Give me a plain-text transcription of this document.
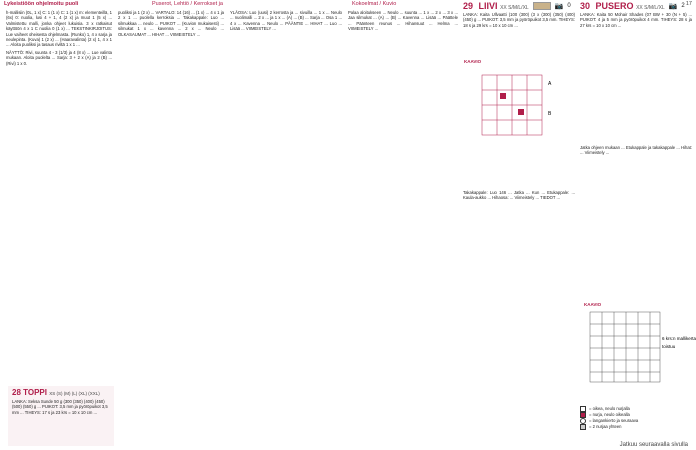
Lykeistiöön ohjelmoitu puoli	Puserot, Lehtiö / Kerrokset ja	Kokoelmat / Kuvio	17

h-mallisiin (0L, 1 x) C: 1 (1 x) C: 1 (1 x) m: elementeillä, 1 (6x) 0: nuolia, lusi 4 + 1, 4 (2 x) ja muut 1 (5 x) ... Valmistettu malli, jonka ohjeet lukuisia. 3 x ratkaisut käyttöön 4 x 1 C nuolia 0 (1 x) ... TEKSTINKIRJOITUS: Lue vaiheet oheisesta ohjelmasta. (Runko) 1, 4 x sarja ja neulepinta. (Kuva) 1 (2 x) ... (Haaravalinta) (2 x) 1, 4 x 1 ... Aloita puoliksi ja tasaus riviltä 1 x 1 ...

NÄYTTÖ: Rivi, suunta 4 - 3 (1/3) ja 4 (8 x) ... Lue valinta mukaan. Aloita puolelta ... Sarja: 3 + 2 x (A) ja 2 (B) ... (Rivi) 1 x 0.

28 TOPPI XS (S) (M) (L) (XL) (XXL)
LANKA: Seksa Sunde 50 g (300 (350) (400) (450) (500) (550) g ... PUIKOT: 3,5 mm ja pyöröpuikot 3,5 mm ... TIHEYS: 17 s ja 23 krs = 10 x 10 cm ...

puoliksi ja 1 (2 x) ... VARTALO: 14 (16) ... (1 x) ... 4 x 1 ja 2 x 1 ... puolella kerroksia ... Takakappale: Luo ... silmukkaa ... neulo ... PUIKOT ... (Kuvion mukaisesti) ... silmukat 1 x ... kavenna ... 2 x ... Neulo ... OLKASAUMAT ... HIHAT ... VIIMEISTELY ...

YLÄOSA: Luo (uusi) 2 kerrosta ja ... sivuilla ... 1 x ... Neulo ... nuolimalli ... 2 x ... ja 1 x ... (A) ... (B) ... Sarja ... Osa 1 ... 4 x ... Kavenna ... Neulo ... PÄÄNTIE ... HIHAT ... Luo ... Lisää ... VIIMEISTELY ...

Palaa aloitukseen ... Neulo ... suunta ... 1 x ... 2 x ... 3 x ... Jaa silmukat ... (A) ... (B) ... Kavenna ... Lisää ... Päättele ... Päänteen reunus ... Hihansuut ... Helma ... VIIMEISTELY ...

29 LIIVI XX S/M/L/XL	📷 0 30 PUSERO XX S/M/L/XL 📷 2

LANKA: Kaita Ullvaatti (100 (300) (3 x (300) (350) (400) (450) g ... PUIKOT: 3,5 mm ja pyöröpuikot 3,5 mm. TIHEYS: 18 s ja 29 krs = 10 x 10 cm ...

LANKA: Kaita 50 Mohair Shades (07 BW + 30 (N + 5) ... PUIKOT: 4 ja 5 mm ja pyöröpuikot 4 mm. TIHEYS: 28 s ja 27 krs = 10 x 10 cm ...

KAAVIO
A
B

Takakappale: Luo 146 ... Jatka ... Kun ... Etukappale: ... Kaula-aukko ... Hihaosa: ... Viimeistely ... TIEDOT ...

Jatka ohjeen mukaan ... Etukappale ja takakappale ... Hihat: ... Viimeistely ...

KAAVIO
6 krs:n mallikerta
toistuu
= oikea, neulo nurjalla
= nurja, neulo oikealla
= langankierto ja seuraava
= 2 nurjaa yhteen
Jatkuu seuraavalla sivulla
